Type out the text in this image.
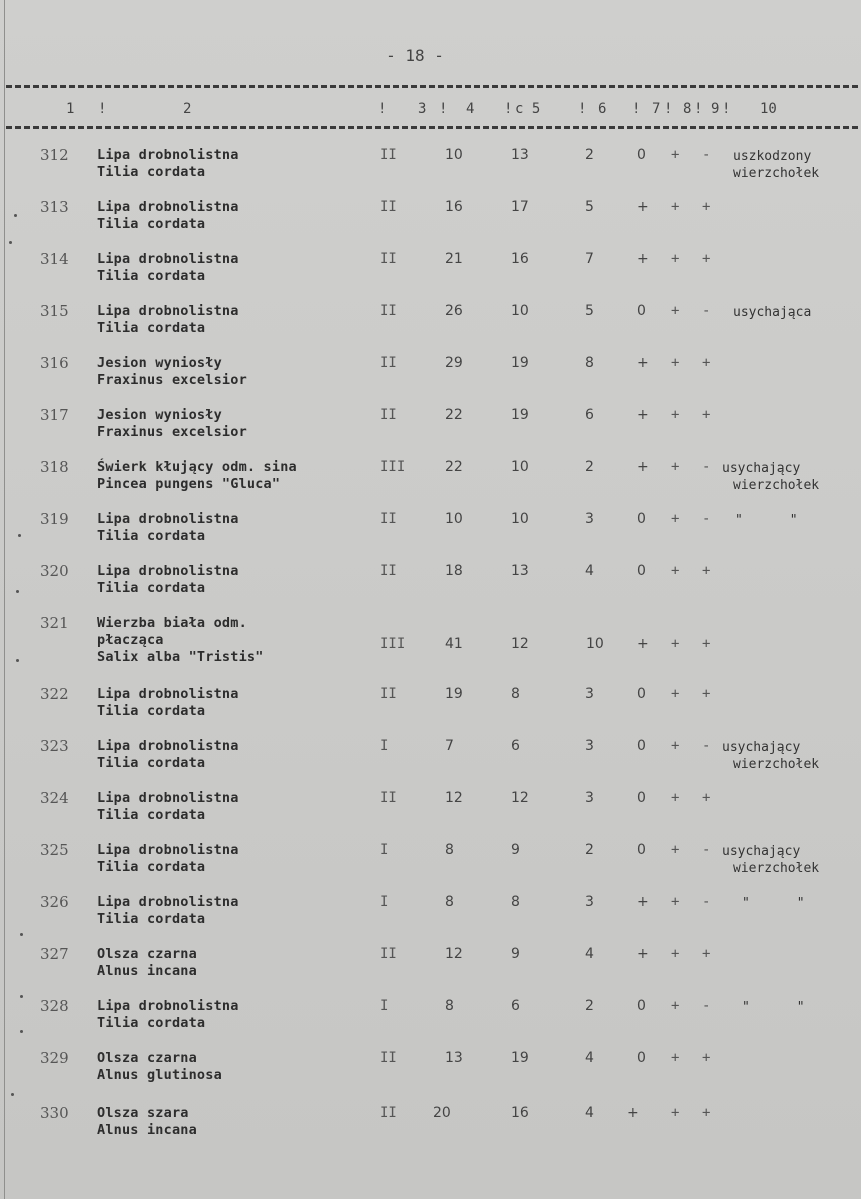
- 18 -
1 !	2	! 3 ! 4 ! c 5	! 6 ! 7 ! 8 ! 9 ! 10
312 Lipa drobnolistna
Tilia cordata
II	10	13	2	0 + - uszkodzony
wierzchołek
313 Lipa drobnolistna
Tilia cordata
II	16	17	5	+ + +
314 Lipa drobnolistna
Tilia cordata
II	21	16	7	+ + +
315 Lipa drobnolistna
Tilia cordata
II	26	10	5	0 + - usychająca
316 Jesion wyniosły
Fraxinus excelsior
II	29	19	8	+ + +
317 Jesion wyniosły
Fraxinus excelsior
II	22	19	6	+ + +
318 Świerk kłujący odm. sina
Pincea pungens "Gluca"
III	22	10	2	+ + - usychający
wierzchołek
319 Lipa drobnolistna
Tilia cordata
II	10	10	3	0 + - "      "
320 Lipa drobnolistna
Tilia cordata
II	18	13	4	0 + +
321 Wierzba biała odm.
płacząca
Salix alba "Tristis"
III	41	12	10 + + +
322 Lipa drobnolistna
Tilia cordata
II	19	8	3	0 + +
323 Lipa drobnolistna
Tilia cordata
I	7	6	3	0 + - usychający
wierzchołek
324 Lipa drobnolistna
Tilia cordata
II	12	12	3	0 + +
325 Lipa drobnolistna
Tilia cordata
I	8	9	2	0 + - usychający
wierzchołek
326 Lipa drobnolistna
Tilia cordata
I	8	8	3	+ + - "      "
327 Olsza czarna
Alnus incana
II	12	9	4	+ + +
328 Lipa drobnolistna
Tilia cordata
I	8	6	2	0 + - "      "
329 Olsza czarna
Alnus glutinosa
II	13	19	4	0 + +
330 Olsza szara
Alnus incana
II	20	16	4 + + +
